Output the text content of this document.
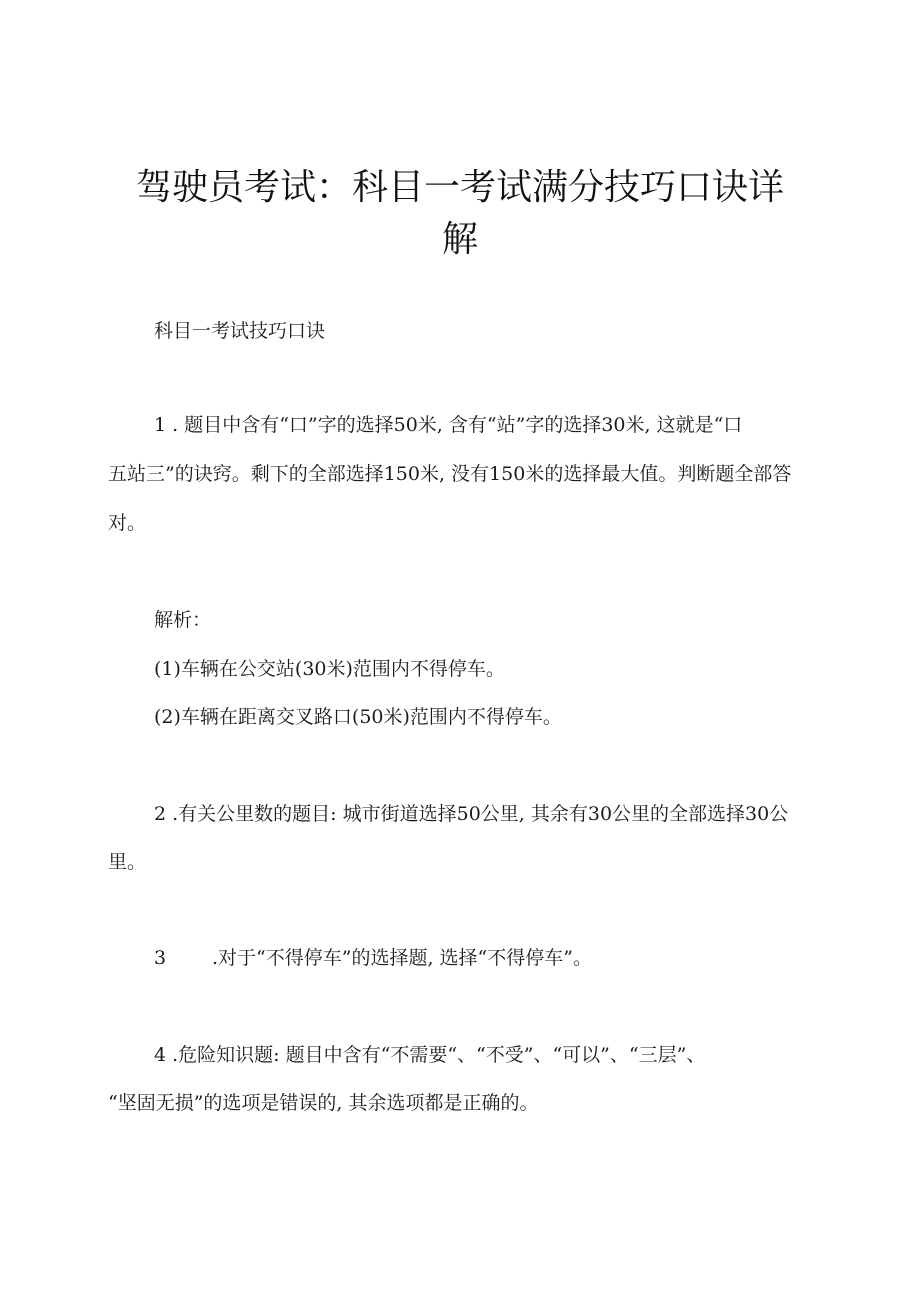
驾驶员考试：科目一考试满分技巧口诀详
解
科目一考试技巧口诀
1 . 题目中含有“口”字的选择50米, 含有“站”字的选择30米, 这就是“口
五站三”的诀窍。剩下的全部选择150米, 没有150米的选择最大值。判断题全部答
对。
解析：
(1)车辆在公交站(30米)范围内不得停车。
(2)车辆在距离交叉路口(50米)范围内不得停车。
2 .有关公里数的题目: 城市街道选择50公里, 其余有30公里的全部选择30公
里。
3 .对于“不得停车”的选择题, 选择“不得停车”。
4 .危险知识题: 题目中含有“不需要“、“不受”、“可以”、“三层”、
“坚固无损”的选项是错误的, 其余选项都是正确的。
